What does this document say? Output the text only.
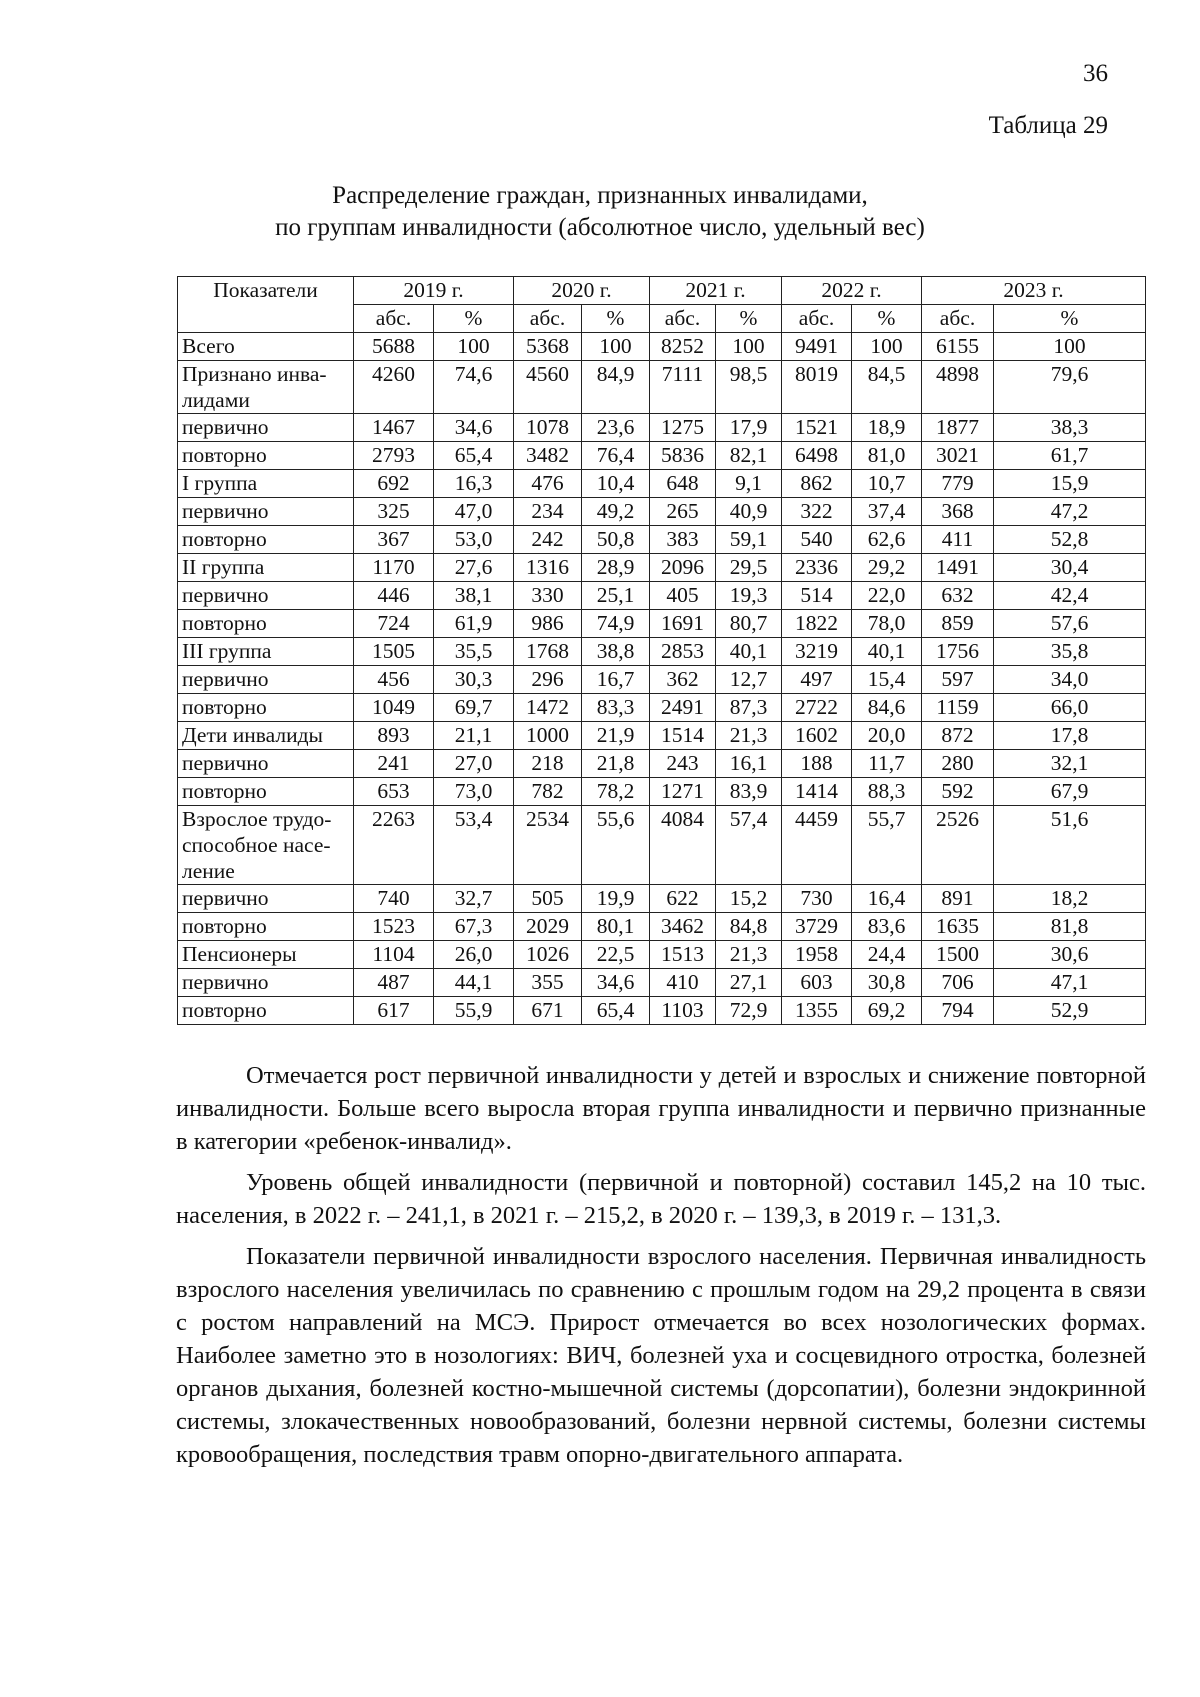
36
Таблица 29
Распределение граждан, признанных инвалидами,
по группам инвалидности (абсолютное число, удельный вес)
Показатели	2019 г.		2020 г.		2021 г.		2022 г.		2023 г.	
	абс.	%	абс.	%	абс.	%	абс.	%	абс.	%

Всего	5688	100	5368	100	8252	100	9491	100	6155	100

Признано инва-лидами	4260	74,6	4560	84,9	7111	98,5	8019	84,5	4898	79,6

первично	1467	34,6	1078	23,6	1275	17,9	1521	18,9	1877	38,3

повторно	2793	65,4	3482	76,4	5836	82,1	6498	81,0	3021	61,7

I группа	692	16,3	476	10,4	648	9,1	862	10,7	779	15,9

первично	325	47,0	234	49,2	265	40,9	322	37,4	368	47,2

повторно	367	53,0	242	50,8	383	59,1	540	62,6	411	52,8

II группа	1170	27,6	1316	28,9	2096	29,5	2336	29,2	1491	30,4

первично	446	38,1	330	25,1	405	19,3	514	22,0	632	42,4

повторно	724	61,9	986	74,9	1691	80,7	1822	78,0	859	57,6

III группа	1505	35,5	1768	38,8	2853	40,1	3219	40,1	1756	35,8

первично	456	30,3	296	16,7	362	12,7	497	15,4	597	34,0

повторно	1049	69,7	1472	83,3	2491	87,3	2722	84,6	1159	66,0

Дети инвалиды	893	21,1	1000	21,9	1514	21,3	1602	20,0	872	17,8

первично	241	27,0	218	21,8	243	16,1	188	11,7	280	32,1

повторно	653	73,0	782	78,2	1271	83,9	1414	88,3	592	67,9

Взрослое трудо-способное насе-ление	2263	53,4	2534	55,6	4084	57,4	4459	55,7	2526	51,6

первично	740	32,7	505	19,9	622	15,2	730	16,4	891	18,2

повторно	1523	67,3	2029	80,1	3462	84,8	3729	83,6	1635	81,8

Пенсионеры	1104	26,0	1026	22,5	1513	21,3	1958	24,4	1500	30,6

первично	487	44,1	355	34,6	410	27,1	603	30,8	706	47,1

повторно	617	55,9	671	65,4	1103	72,9	1355	69,2	794	52,9

Отмечается рост первичной инвалидности у детей и взрослых и снижение повторной инвалидности. Больше всего выросла вторая группа инвалидности и первично признанные в категории «ребенок-инвалид».

Уровень общей инвалидности (первичной и повторной) составил 145,2 на 10 тыс. населения, в 2022 г. – 241,1, в 2021 г. – 215,2, в 2020 г. – 139,3, в 2019 г. – 131,3.

Показатели первичной инвалидности взрослого населения. Первичная инвалидность взрослого населения увеличилась по сравнению с прошлым годом на 29,2 процента в связи с ростом направлений на МСЭ. Прирост отмечается во всех нозологических формах. Наиболее заметно это в нозологиях: ВИЧ, болезней уха и сосцевидного отростка, болезней органов дыхания, болезней костно-мышечной системы (дорсопатии), болезни эндокринной системы, злокачественных новообразований, болезни нервной системы, болезни системы кровообращения, последствия травм опорно-двигательного аппарата.
